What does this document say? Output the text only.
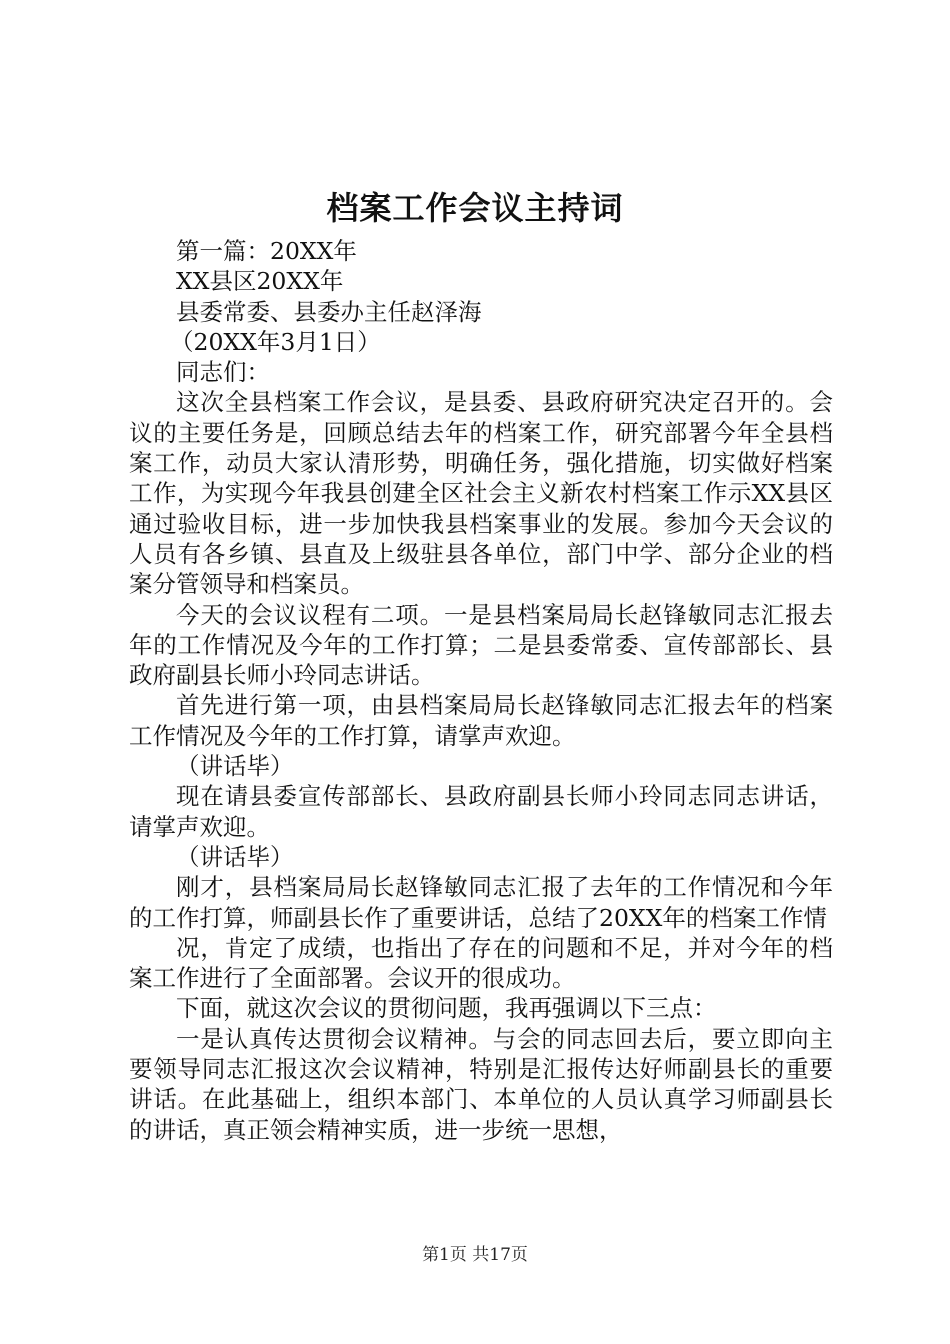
档案工作会议主持词

第一篇：20XX年

XX县区20XX年

县委常委、县委办主任赵泽海

（20XX年3月1日）

同志们：

这次全县档案工作会议，是县委、县政府研究决定召开的。会议的主要任务是，回顾总结去年的档案工作，研究部署今年全县档案工作，动员大家认清形势，明确任务，强化措施，切实做好档案工作，为实现今年我县创建全区社会主义新农村档案工作示XX县区通过验收目标，进一步加快我县档案事业的发展。参加今天会议的人员有各乡镇、县直及上级驻县各单位，部门中学、部分企业的档案分管领导和档案员。

今天的会议议程有二项。一是县档案局局长赵锋敏同志汇报去年的工作情况及今年的工作打算；二是县委常委、宣传部部长、县政府副县长师小玲同志讲话。

首先进行第一项，由县档案局局长赵锋敏同志汇报去年的档案工作情况及今年的工作打算，请掌声欢迎。

（讲话毕）

现在请县委宣传部部长、县政府副县长师小玲同志同志讲话，请掌声欢迎。

（讲话毕）

刚才，县档案局局长赵锋敏同志汇报了去年的工作情况和今年的工作打算，师副县长作了重要讲话，总结了20XX年的档案工作情

况，肯定了成绩，也指出了存在的问题和不足，并对今年的档案工作进行了全面部署。会议开的很成功。

下面，就这次会议的贯彻问题，我再强调以下三点：

一是认真传达贯彻会议精神。与会的同志回去后，要立即向主要领导同志汇报这次会议精神，特别是汇报传达好师副县长的重要讲话。在此基础上，组织本部门、本单位的人员认真学习师副县长的讲话，真正领会精神实质，进一步统一思想，

第1页 共17页
